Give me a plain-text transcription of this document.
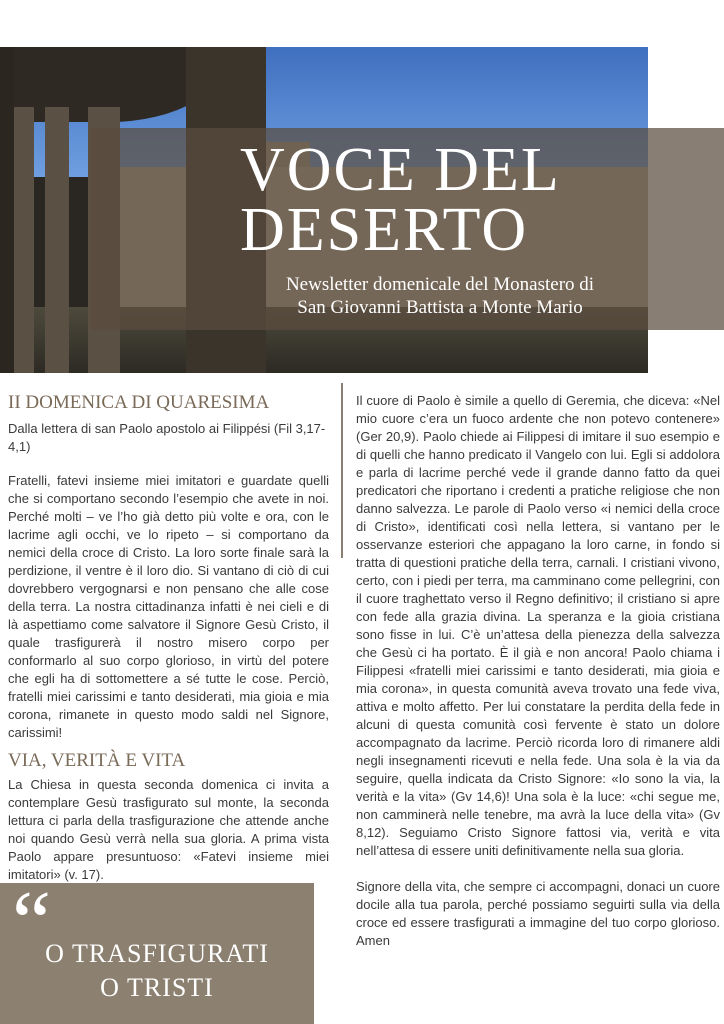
VOCE DEL
DESERTO
Newsletter domenicale del Monastero di
San Giovanni Battista a Monte Mario
II DOMENICA DI QUARESIMA

Dalla lettera di san Paolo apostolo ai Filippési (Fil 3,17-4,1)

Fratelli, fatevi insieme miei imitatori e guardate quelli che si comportano secondo l’esempio che avete in noi. Perché molti – ve l’ho già detto più volte e ora, con le lacrime agli occhi, ve lo ripeto – si comportano da nemici della croce di Cristo. La loro sorte finale sarà la perdizione, il ventre è il loro dio. Si vantano di ciò di cui dovrebbero vergognarsi e non pensano che alle cose della terra. La nostra cittadinanza infatti è nei cieli e di là aspettiamo come salvatore il Signore Gesù Cristo, il quale trasfigurerà il nostro misero corpo per conformarlo al suo corpo glorioso, in virtù del potere che egli ha di sottomettere a sé tutte le cose. Perciò, fratelli miei carissimi e tanto desiderati, mia gioia e mia corona, rimanete in questo modo saldi nel Signore, carissimi!

VIA, VERITÀ E VITA

La Chiesa in questa seconda domenica ci invita a contemplare Gesù trasfigurato sul monte, la seconda lettura ci parla della trasfigurazione che attende anche noi quando Gesù verrà nella sua gloria. A prima vista Paolo appare presuntuoso: «Fatevi insieme miei imitatori» (v. 17).

Il cuore di Paolo è simile a quello di Geremia, che diceva: «Nel mio cuore c’era un fuoco ardente che non potevo contenere» (Ger 20,9). Paolo chiede ai Filippesi di imitare il suo esempio e di quelli che hanno predicato il Vangelo con lui. Egli si addolora e parla di lacrime perché vede il grande danno fatto da quei predicatori che riportano i credenti a pratiche religiose che non danno salvezza. Le parole di Paolo verso «i nemici della croce di Cristo», identificati così nella lettera, si vantano per le osservanze esteriori che appagano la loro carne, in fondo si tratta di questioni pratiche della terra, carnali. I cristiani vivono, certo, con i piedi per terra, ma camminano come pellegrini, con il cuore traghettato verso il Regno definitivo; il cristiano si apre con fede alla grazia divina. La speranza e la gioia cristiana sono fisse in lui. C’è un’attesa della pienezza della salvezza che Gesù ci ha portato. È il già e non ancora! Paolo chiama i Filippesi «fratelli miei carissimi e tanto desiderati, mia gioia e mia corona», in questa comunità aveva trovato una fede viva, attiva e molto affetto. Per lui constatare la perdita della fede in alcuni di questa comunità così fervente è stato un dolore accompagnato da lacrime. Perciò ricorda loro di rimanere aldi negli insegnamenti ricevuti e nella fede. Una sola è la via da seguire, quella indicata da Cristo Signore: «Io sono la via, la verità e la vita» (Gv 14,6)! Una sola è la luce: «chi segue me, non camminerà nelle tenebre, ma avrà la luce della vita» (Gv 8,12). Seguiamo Cristo Signore fattosi via, verità e vita nell’attesa di essere uniti definitivamente nella sua gloria.

Signore della vita, che sempre ci accompagni, donaci un cuore docile alla tua parola, perché possiamo seguirti sulla via della croce ed essere trasfigurati a immagine del tuo corpo glorioso. Amen

“
O TRASFIGURATI
O TRISTI
